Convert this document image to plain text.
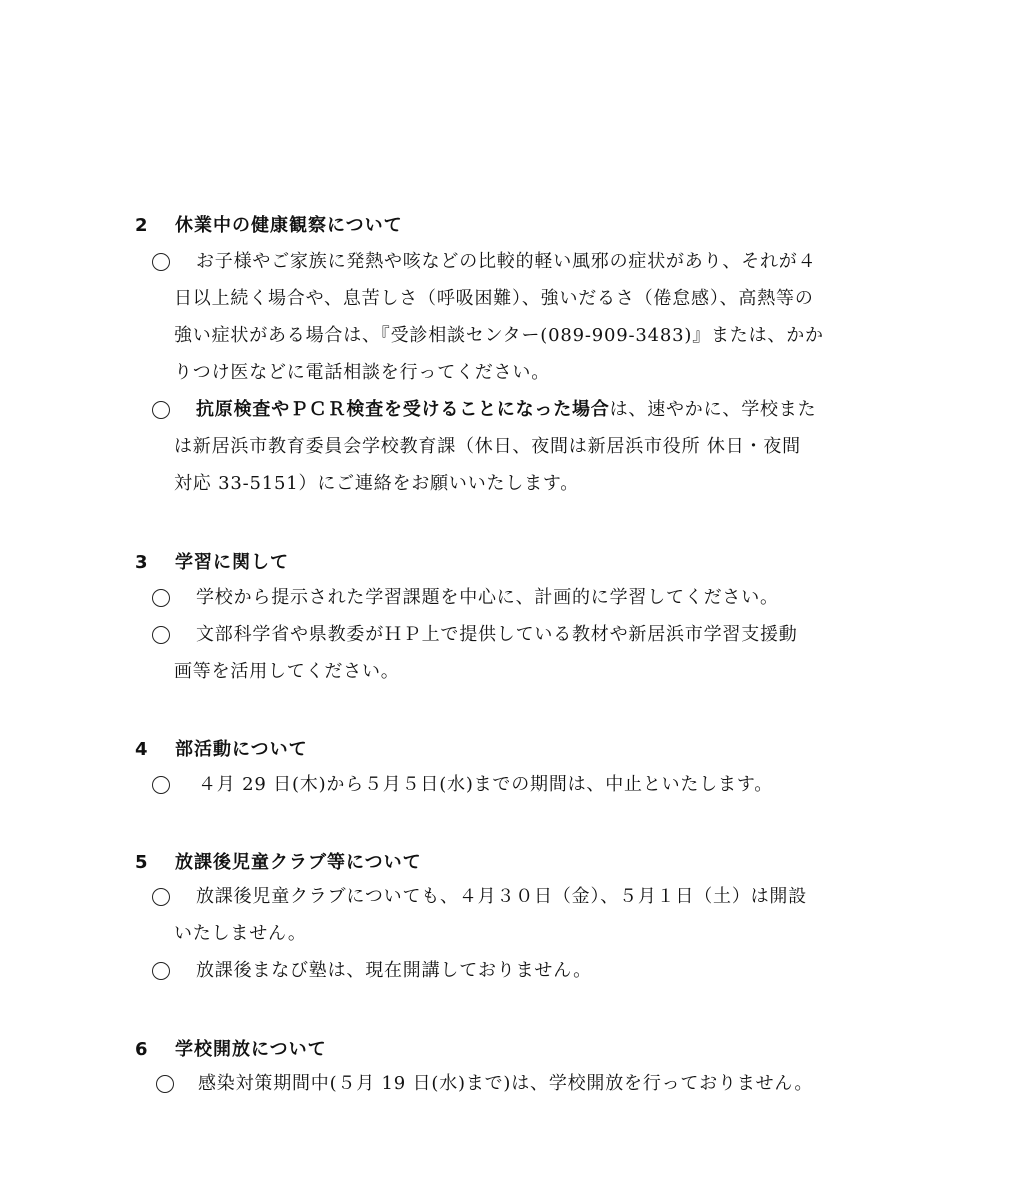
2 休業中の健康観察について
お子様やご家族に発熱や咳などの比較的軽い風邪の症状があり、それが４
日以上続く場合や、息苦しさ（呼吸困難）、強いだるさ（倦怠感）、高熱等の
強い症状がある場合は、『受診相談センター(089-909-3483)』または、かか
りつけ医などに電話相談を行ってください。
抗原検査やＰＣＲ検査を受けることになった場合は、速やかに、学校また
は新居浜市教育委員会学校教育課（休日、夜間は新居浜市役所 休日・夜間
対応 33-5151）にご連絡をお願いいたします。
3 学習に関して
学校から提示された学習課題を中心に、計画的に学習してください。
文部科学省や県教委がＨＰ上で提供している教材や新居浜市学習支援動
画等を活用してください。
4 部活動について
４月 29 日(木)から５月５日(水)までの期間は、中止といたします。
5 放課後児童クラブ等について
放課後児童クラブについても、４月３０日（金）、５月１日（土）は開設
いたしません。
放課後まなび塾は、現在開講しておりません。
6 学校開放について
感染対策期間中(５月 19 日(水)まで)は、学校開放を行っておりません。
